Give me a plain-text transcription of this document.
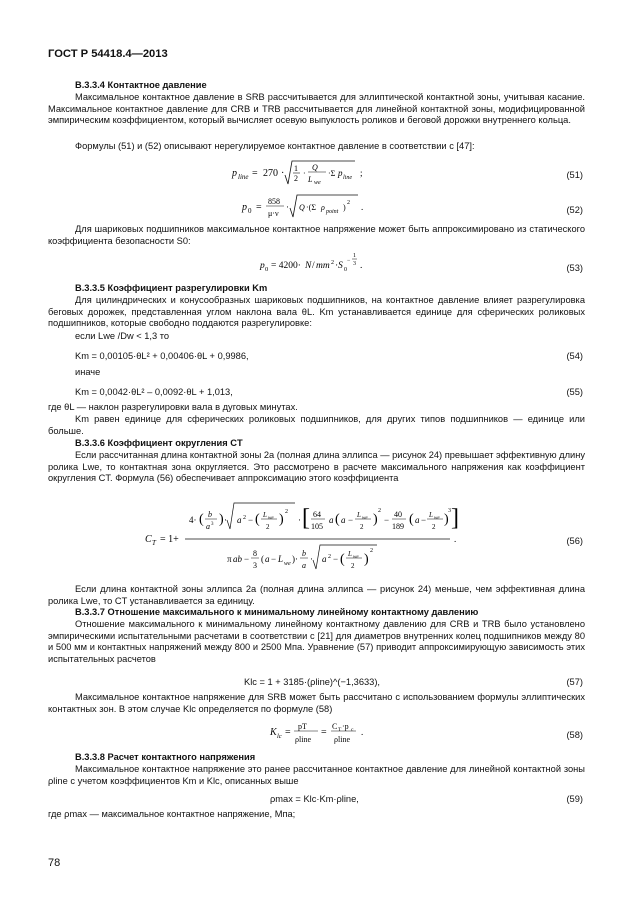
ГОСТ Р 54418.4—2013
B.3.3.4 Контактное давление
Максимальное контактное давление в SRB рассчитывается для эллиптической контактной зоны, учитывая касание. Максимальное контактное давление для CRB и TRB рассчитывается для линейной контактной зоны, модифицированной эмпирическим коэффициентом, который вычисляет осевую выпуклость роликов и беговой дорожки внутреннего кольца.
Формулы (51) и (52) описывают нерегулируемое контактное давление в соответствии с [47]:
p line = 270 · 1
2
·
Q
L we
·Σ p line ;	(51)
p 0 =
858
μ·ν
· Q ·(Σ ρ point ) 2 .	(52)
Для шариковых подшипников максимальное контактное напряжение может быть аппроксимировано из статического коэффициента безопасности S0:
p 0 = 4200· N / mm 2 · S 0
−
1
3 .	(53)
B.3.3.5 Коэффициент разрегулировки Km
Для цилиндрических и конусообразных шариковых подшипников, на контактное давление влияет разрегулировка беговых дорожек, представленная углом наклона вала θL. Km устанавливается единице для сферических роликовых подшипников, которые свободно поддаются разрегулировке:
если Lwe /Dw < 1,3 то
Km = 0,00105·θL² + 0,00406·θL + 0,9986,	(54)
иначе
Km = 0,0042·θL² – 0,0092·θL + 1,013,	(55)
где θL — наклон разрегулировки вала в дуговых минутах.
Km равен единице для сферических роликовых подшипников, для других типов подшипников — единице или больше.
B.3.3.6 Коэффициент округления CT
Если рассчитанная длина контактной зоны 2а (полная длина эллипса — рисунок 24) превышает эффективную длину ролика Lwe, то контактная зона округляется. Это рассмотрено в расчете максимального напряжения как коэффициент округления CT. Формула (56) обеспечивает аппроксимацию этого коэффициента
C T = 1+
4· ( b
a 3 ) · a 2 − ( L we
2 ) 2
· [ 64
105
a ( a − L we
2 )
2
−
40
189 ( a − L we
2 )
3 ]
π ab −
8
3
( a − L we )·
b
a
· a 2 − ( L we
2 )
2
.	(56)
Если длина контактной зоны эллипса 2а (полная длина эллипса — рисунок 24) меньше, чем эффективная длина ролика Lwe, то CT устанавливается за единицу.
B.3.3.7 Отношение максимального к минимальному линейному контактному давлению
Отношение максимального к минимальному линейному контактному давлению для CRB и TRB было установлено эмпирическими испытательными расчетами в соответствии с [21] для диаметров внутренних колец подшипников между 80 и 500 мм и контактных напряжений между 800 и 2500 Мпа. Уравнение (57) приводит аппроксимирующую зависимость этих испытательных расчетов
Klc = 1 + 3185·(ρline)^(−1,3633),	(57)
Максимальное контактное напряжение для SRB может быть рассчитано с использованием формулы эллиптических контактных зон. В этом случае Klc определяется по формуле (58)
K lc =
pT
ρline
=
C T ·p c
ρline
.	(58)
B.3.3.8 Расчет контактного напряжения
Максимальное контактное напряжение это ранее рассчитанное контактное давление для линейной контактной зоны ρline с учетом коэффициентов Km и Klc, описанных выше
ρmax = Klc·Km·ρline,	(59)
где ρmax — максимальное контактное напряжение, Мпа;
78
